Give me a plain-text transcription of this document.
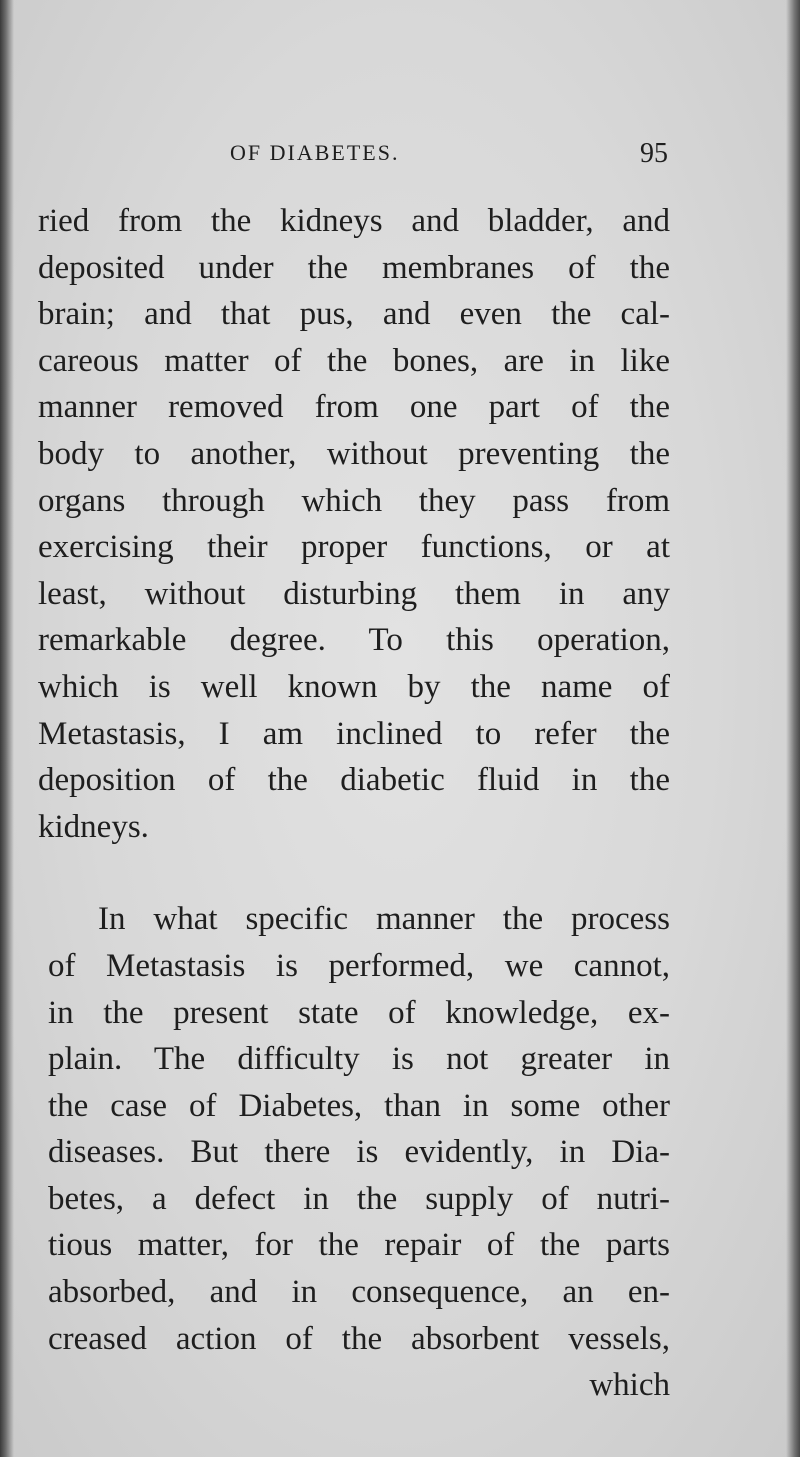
OF DIABETES.	95
ried from the kidneys and bladder, and
deposited under the membranes of the
brain; and that pus, and even the cal-
careous matter of the bones, are in like
manner removed from one part of the
body to another, without preventing the
organs through which they pass from
exercising their proper functions, or at
least, without disturbing them in any
remarkable degree. To this operation,
which is well known by the name of
Metastasis, I am inclined to refer the
deposition of the diabetic fluid in the
kidneys.
In what specific manner the process
of Metastasis is performed, we cannot,
in the present state of knowledge, ex-
plain. The difficulty is not greater in
the case of Diabetes, than in some other
diseases. But there is evidently, in Dia-
betes, a defect in the supply of nutri-
tious matter, for the repair of the parts
absorbed, and in consequence, an en-
creased action of the absorbent vessels,
which
